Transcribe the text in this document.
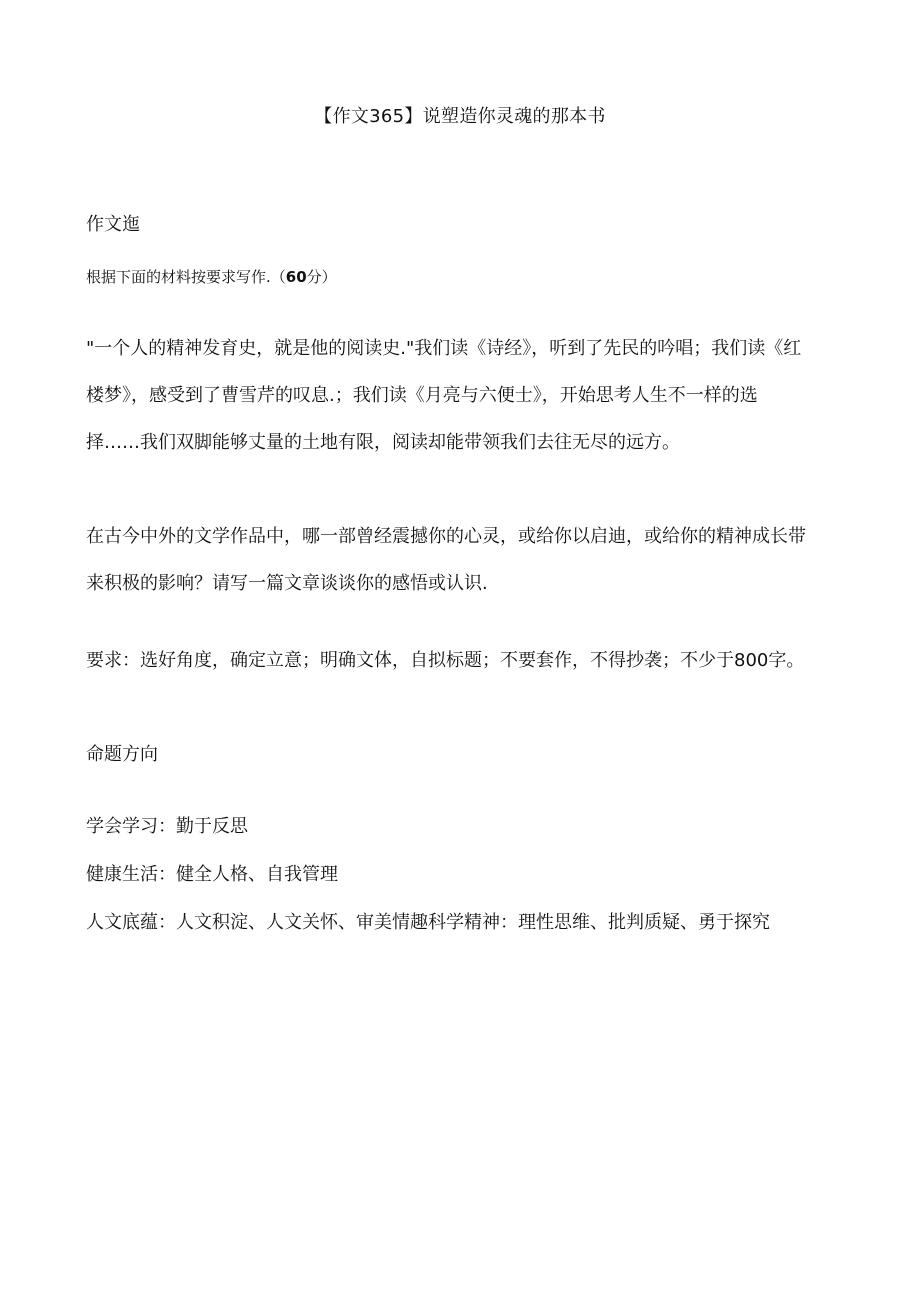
【作文365】说塑造你灵魂的那本书
作文迤
根据下面的材料按要求写作.（60分）
"一个人的精神发育史，就是他的阅读史."我们读《诗经》，听到了先民的吟唱；我们读《红
楼梦》，感受到了曹雪芹的叹息.；我们读《月亮与六便士》，开始思考人生不一样的选
择……我们双脚能够丈量的土地有限，阅读却能带领我们去往无尽的远方。
在古今中外的文学作品中，哪一部曾经震撼你的心灵，或给你以启迪，或给你的精神成长带
来积极的影响？请写一篇文章谈谈你的感悟或认识.
要求：选好角度，确定立意；明确文体，自拟标题；不要套作，不得抄袭；不少于800字。
命题方向
学会学习：勤于反思
健康生活：健全人格、自我管理
人文底蕴：人文积淀、人文关怀、审美情趣科学精神：理性思维、批判质疑、勇于探究
